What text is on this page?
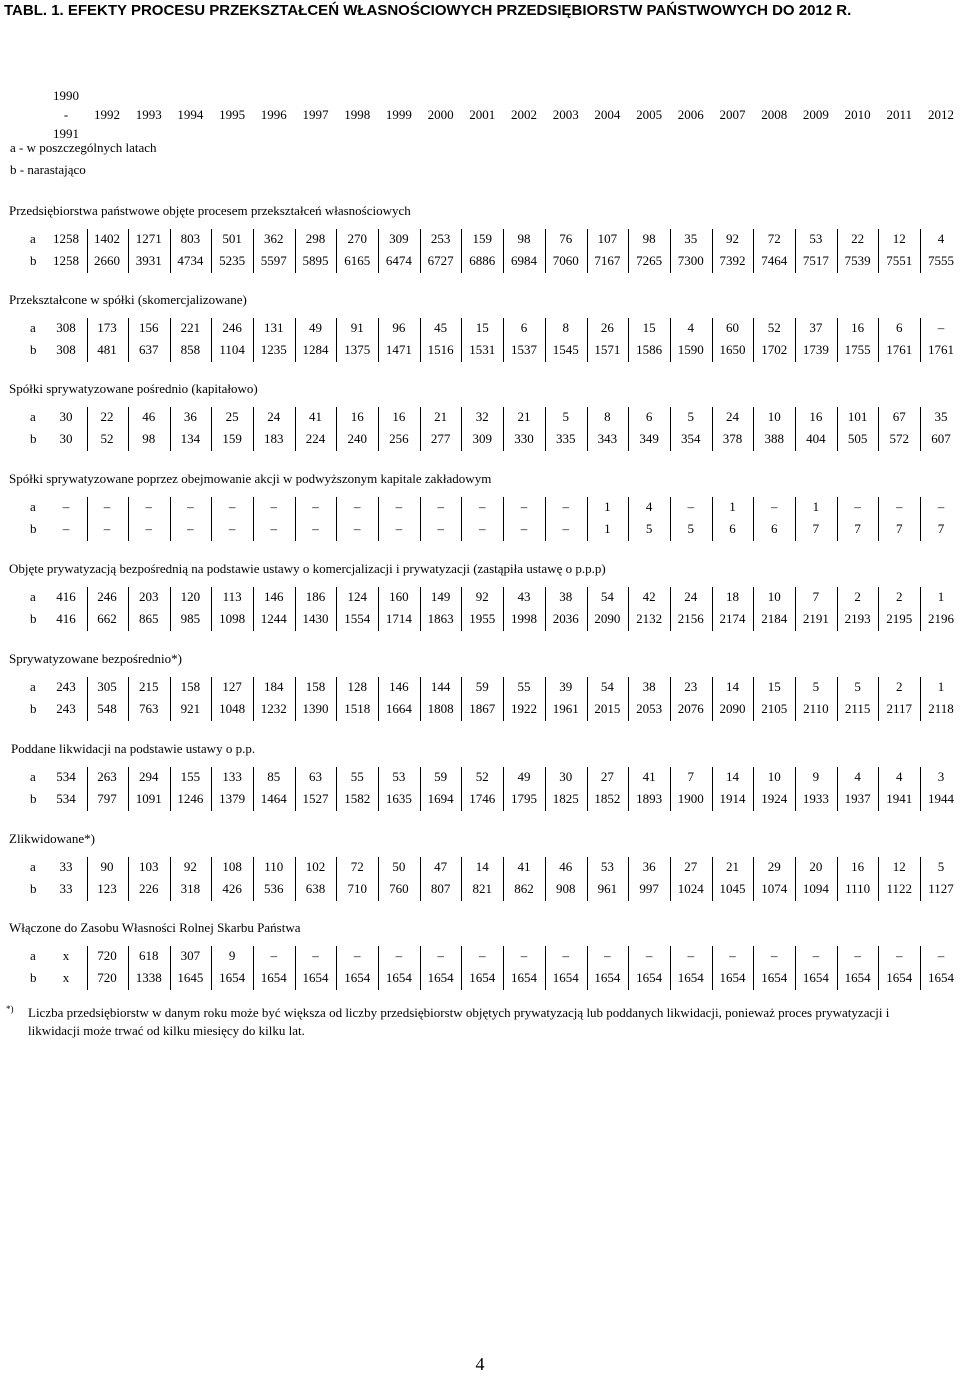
TABL. 1. EFEKTY PROCESU PRZEKSZTAŁCEŃ WŁASNOŚCIOWYCH PRZEDSIĘBIORSTW PAŃSTWOWYCH DO 2012 R.
1990
-
1991
1992	1993	1994	1995	1996	1997	1998	1999	2000	2001	2002	2003	2004	2005	2006	2007	2008	2009	2010	2011	2012
a - w poszczególnych latach
b - narastająco
Przedsiębiorstwa państwowe objęte procesem przekształceń własnościowych
a	1258	1402	1271	803	501	362	298	270	309	253	159	98	76	107	98	35	92	72	53	22	12	4
b	1258	2660	3931	4734	5235	5597	5895	6165	6474	6727	6886	6984	7060	7167	7265	7300	7392	7464	7517	7539	7551	7555
Przekształcone w spółki (skomercjalizowane)
a	308	173	156	221	246	131	49	91	96	45	15	6	8	26	15	4	60	52	37	16	6	–
b	308	481	637	858	1104	1235	1284	1375	1471	1516	1531	1537	1545	1571	1586	1590	1650	1702	1739	1755	1761	1761
Spółki sprywatyzowane pośrednio (kapitałowo)
a	30	22	46	36	25	24	41	16	16	21	32	21	5	8	6	5	24	10	16	101	67	35
b	30	52	98	134	159	183	224	240	256	277	309	330	335	343	349	354	378	388	404	505	572	607
Spółki sprywatyzowane poprzez obejmowanie akcji w podwyższonym kapitale zakładowym
a	–	–	–	–	–	–	–	–	–	–	–	–	–	1	4	–	1	–	1	–	–	–
b	–	–	–	–	–	–	–	–	–	–	–	–	–	1	5	5	6	6	7	7	7	7
Objęte prywatyzacją bezpośrednią na podstawie ustawy o komercjalizacji i prywatyzacji (zastąpiła ustawę o p.p.p)
a	416	246	203	120	113	146	186	124	160	149	92	43	38	54	42	24	18	10	7	2	2	1
b	416	662	865	985	1098	1244	1430	1554	1714	1863	1955	1998	2036	2090	2132	2156	2174	2184	2191	2193	2195	2196
Sprywatyzowane bezpośrednio*)
a	243	305	215	158	127	184	158	128	146	144	59	55	39	54	38	23	14	15	5	5	2	1
b	243	548	763	921	1048	1232	1390	1518	1664	1808	1867	1922	1961	2015	2053	2076	2090	2105	2110	2115	2117	2118
Poddane likwidacji na podstawie ustawy o p.p.
a	534	263	294	155	133	85	63	55	53	59	52	49	30	27	41	7	14	10	9	4	4	3
b	534	797	1091	1246	1379	1464	1527	1582	1635	1694	1746	1795	1825	1852	1893	1900	1914	1924	1933	1937	1941	1944
Zlikwidowane*)
a	33	90	103	92	108	110	102	72	50	47	14	41	46	53	36	27	21	29	20	16	12	5
b	33	123	226	318	426	536	638	710	760	807	821	862	908	961	997	1024	1045	1074	1094	1110	1122	1127
Włączone do Zasobu Własności Rolnej Skarbu Państwa
a	x	720	618	307	9	–	–	–	–	–	–	–	–	–	–	–	–	–	–	–	–	–
b	x	720	1338	1645	1654	1654	1654	1654	1654	1654	1654	1654	1654	1654	1654	1654	1654	1654	1654	1654	1654	1654
*) Liczba przedsiębiorstw w danym roku może być większa od liczby przedsiębiorstw objętych prywatyzacją lub poddanych likwidacji, ponieważ proces prywatyzacji i likwidacji może trwać od kilku miesięcy do kilku lat.
4
